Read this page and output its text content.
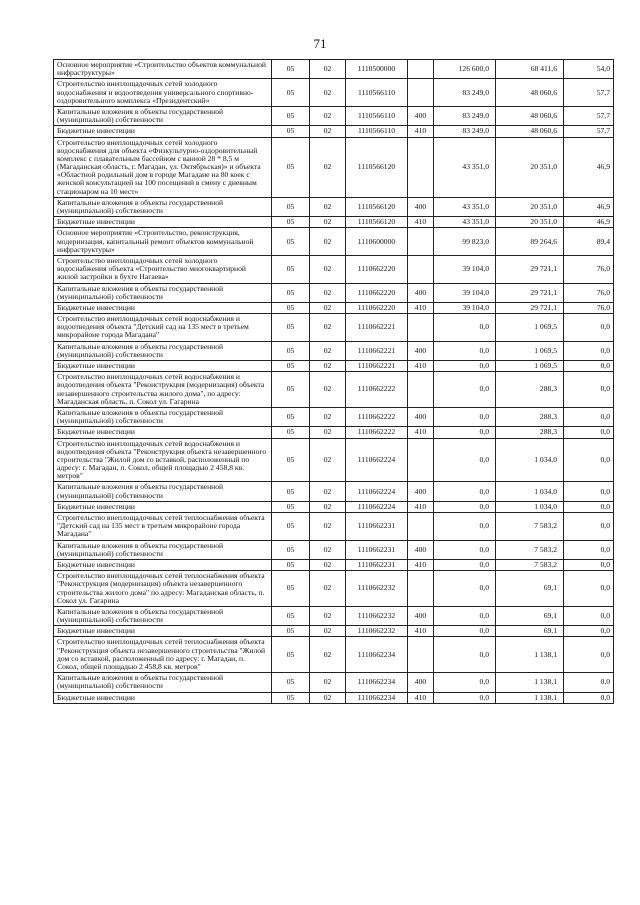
71
Основное мероприятие «Строительство объектов коммунальной инфраструктуры»	05	02	1110500000		126 600,0	68 411,6	54,0
Строительство внеплощадочных сетей холодного водоснабжения и водоотведения универсального спортивно-оздоровительного комплекса «Президентский»	05	02	1110566110		83 249,0	48 060,6	57,7
Капитальные вложения в объекты государственной (муниципальной) собственности	05	02	1110566110	400	83 249,0	48 060,6	57,7
Бюджетные инвестиции	05	02	1110566110	410	83 249,0	48 060,6	57,7
Строительство внеплощадочных сетей холодного водоснабжения для объекта «Физкультурно-оздоровительный комплекс с плавательным бассейном с ванной 28 * 8,5 м (Магаданская область, г. Магадан, ул. Октябрьская)» и объекта «Областной родильный дом в городе Магадане на 80 коек с женской консультацией на 100 посещений в смену с дневным стационаром на 10 мест»	05	02	1110566120		43 351,0	20 351,0	46,9
Капитальные вложения в объекты государственной (муниципальной) собственности	05	02	1110566120	400	43 351,0	20 351,0	46,9
Бюджетные инвестиции	05	02	1110566120	410	43 351,0	20 351,0	46,9
Основное мероприятие «Строительство, реконструкция, модернизация, капитальный ремонт объектов коммунальной инфраструктуры»	05	02	1110600000		99 823,0	89 264,6	89,4
Строительство внеплощадочных сетей холодного водоснабжения объекта «Строительство многоквартирной жилой застройки в бухте Нагаева»	05	02	1110662220		39 104,0	29 721,1	76,0
Капитальные вложения в объекты государственной (муниципальной) собственности	05	02	1110662220	400	39 104,0	29 721,1	76,0
Бюджетные инвестиции	05	02	1110662220	410	39 104,0	29 721,1	76,0
Строительство внеплощадочных сетей водоснабжения и водоотведения объекта "Детский сад на 135 мест в третьем микрорайоне города Магадана"	05	02	1110662221		0,0	1 069,5	0,0
Капитальные вложения в объекты государственной (муниципальной) собственности	05	02	1110662221	400	0,0	1 069,5	0,0
Бюджетные инвестиции	05	02	1110662221	410	0,0	1 069,5	0,0
Строительство внеплощадочных сетей водоснабжения и водоотведения объекта "Реконструкция (модернизация) объекта незавершенного строительства жилого дома", по адресу: Магаданская область, п. Сокол ул. Гагарина	05	02	1110662222		0,0	288,3	0,0
Капитальные вложения в объекты государственной (муниципальной) собственности	05	02	1110662222	400	0,0	288,3	0,0
Бюджетные инвестиции	05	02	1110662222	410	0,0	288,3	0,0
Строительство внеплощадочных сетей водоснабжения и водоотведения объекта "Реконструкция объекта незавершенного строительства "Жилой дом со вставкой, расположенный по адресу: г. Магадан, п. Сокол, общей площадью 2 458,8 кв. метров"	05	02	1110662224		0,0	1 034,0	0,0
Капитальные вложения в объекты государственной (муниципальной) собственности	05	02	1110662224	400	0,0	1 034,0	0,0
Бюджетные инвестиции	05	02	1110662224	410	0,0	1 034,0	0,0
Строительство внеплощадочных сетей теплоснабжения объекта "Детский сад на 135 мест в третьем микрорайоне города Магадана"	05	02	1110662231		0,0	7 583,2	0,0
Капитальные вложения в объекты государственной (муниципальной) собственности	05	02	1110662231	400	0,0	7 583,2	0,0
Бюджетные инвестиции	05	02	1110662231	410	0,0	7 583,2	0,0
Строительство внеплощадочных сетей теплоснабжения объекта "Реконструкция (модернизация) объекта незавершенного строительства жилого дома" по адресу: Магаданская область, п. Сокол ул. Гагарина	05	02	1110662232		0,0	69,1	0,0
Капитальные вложения в объекты государственной (муниципальной) собственности	05	02	1110662232	400	0,0	69,1	0,0
Бюджетные инвестиции	05	02	1110662232	410	0,0	69,1	0,0
Строительство внеплощадочных сетей теплоснабжения объекта "Реконструкция объекта незавершенного строительства "Жилой дом со вставкой, расположенный по адресу: г. Магадан, п. Сокол, общей площадью 2 458,8 кв. метров"	05	02	1110662234		0,0	1 138,1	0,0
Капитальные вложения в объекты государственной (муниципальной) собственности	05	02	1110662234	400	0,0	1 138,1	0,0
Бюджетные инвестиции	05	02	1110662234	410	0,0	1 138,1	0,0
